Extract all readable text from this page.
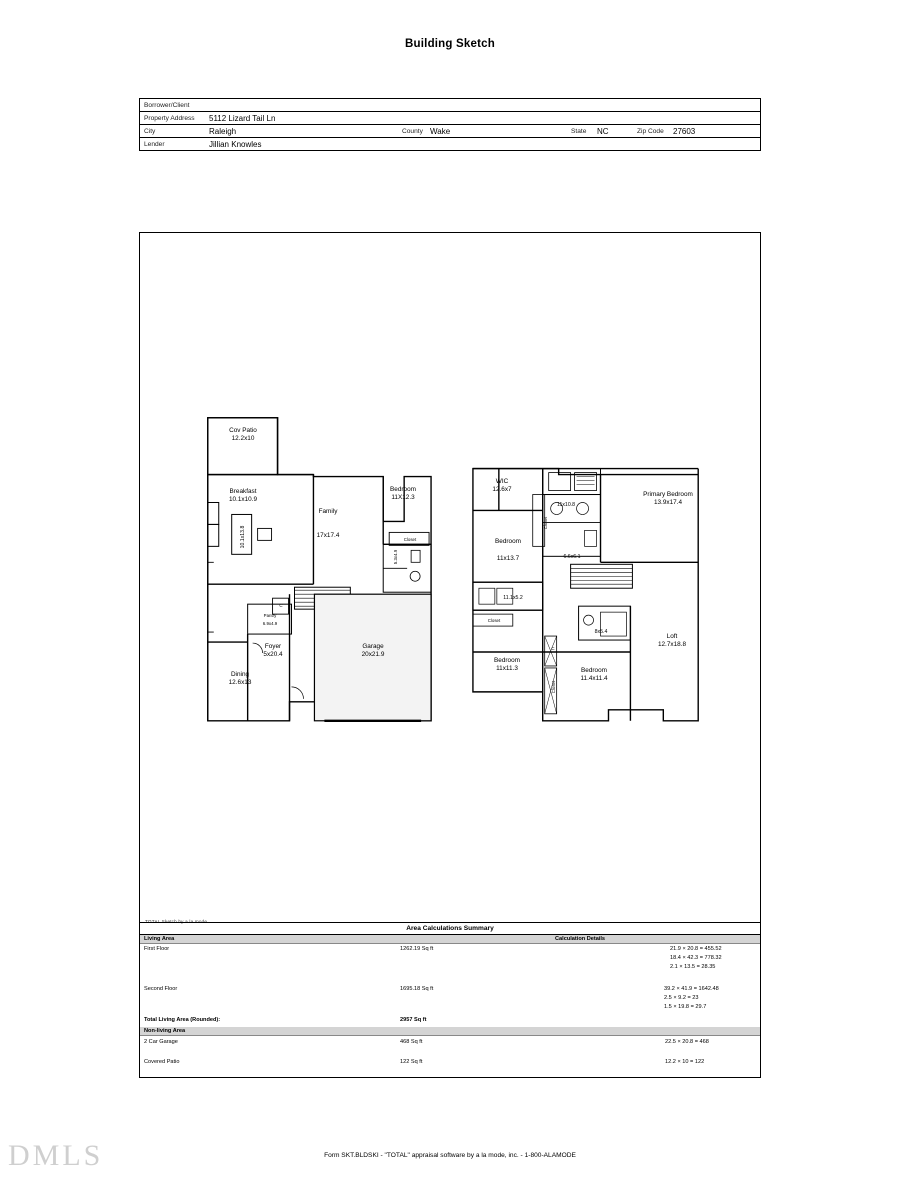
Building Sketch
Borrower/Client
Property Address 5112 Lizard Tail Ln
City	Raleigh	County Wake	State NC	Zip Code 27603
Lender	Jillian Knowles
Cov Patio
12.2x10
Breakfast
10.1x10.9
Family
17x17.4
Bedroom
11X12.3
Closet
10.1x13.8
5.3x4.9
C
Pantry
6.9x4.9
Foyer
5x20.4
Garage
20x21.9
Dining
12.6x13
WIC
12.6x7
11x10.8
Primary Bedroom
13.9x17.4
Bedroom
11x13.7
Closet
6.6x6.1
11.1x5.2
Closet
8x5.4
Loft
12.7x18.8
Bedroom
11x11.3
C
Closet
Bedroom
11.4x11.4
TOTAL Sketch by a la mode
Area Calculations Summary
Living Area	Calculation Details
First Floor	1262.19 Sq ft	21.9 × 20.8 = 455.52
18.4 × 42.3 = 778.32
2.1 × 13.5 = 28.35
Second Floor	1695.18 Sq ft	39.2 × 41.9 = 1642.48
2.5 × 9.2 = 23
1.5 × 19.8 = 29.7
Total Living Area (Rounded):	2957 Sq ft
Non-living Area
2 Car Garage	468 Sq ft	22.5 × 20.8 = 468
Covered Patio	122 Sq ft	12.2 × 10 = 122
Form SKT.BLDSKI - "TOTAL" appraisal software by a la mode, inc. - 1-800-ALAMODE
DMLS
